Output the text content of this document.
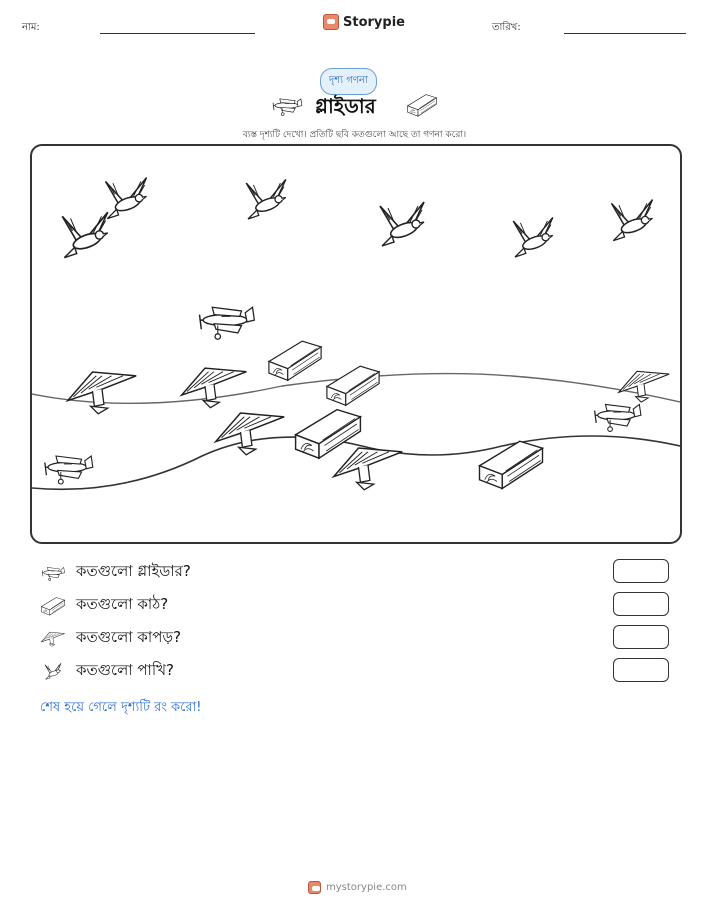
নাম:	Storypie	তারিখ:
দৃশ্য গণনা
গ্লাইডার
ব্যস্ত দৃশ্যটি দেখো। প্রতিটি ছবি কতগুলো আছে তা গণনা করো।
কতগুলো গ্লাইডার?
কতগুলো কাঠ?
কতগুলো কাপড়?
কতগুলো পাখি?
শেষ হয়ে গেলে দৃশ্যটি রং করো!
mystorypie.com
